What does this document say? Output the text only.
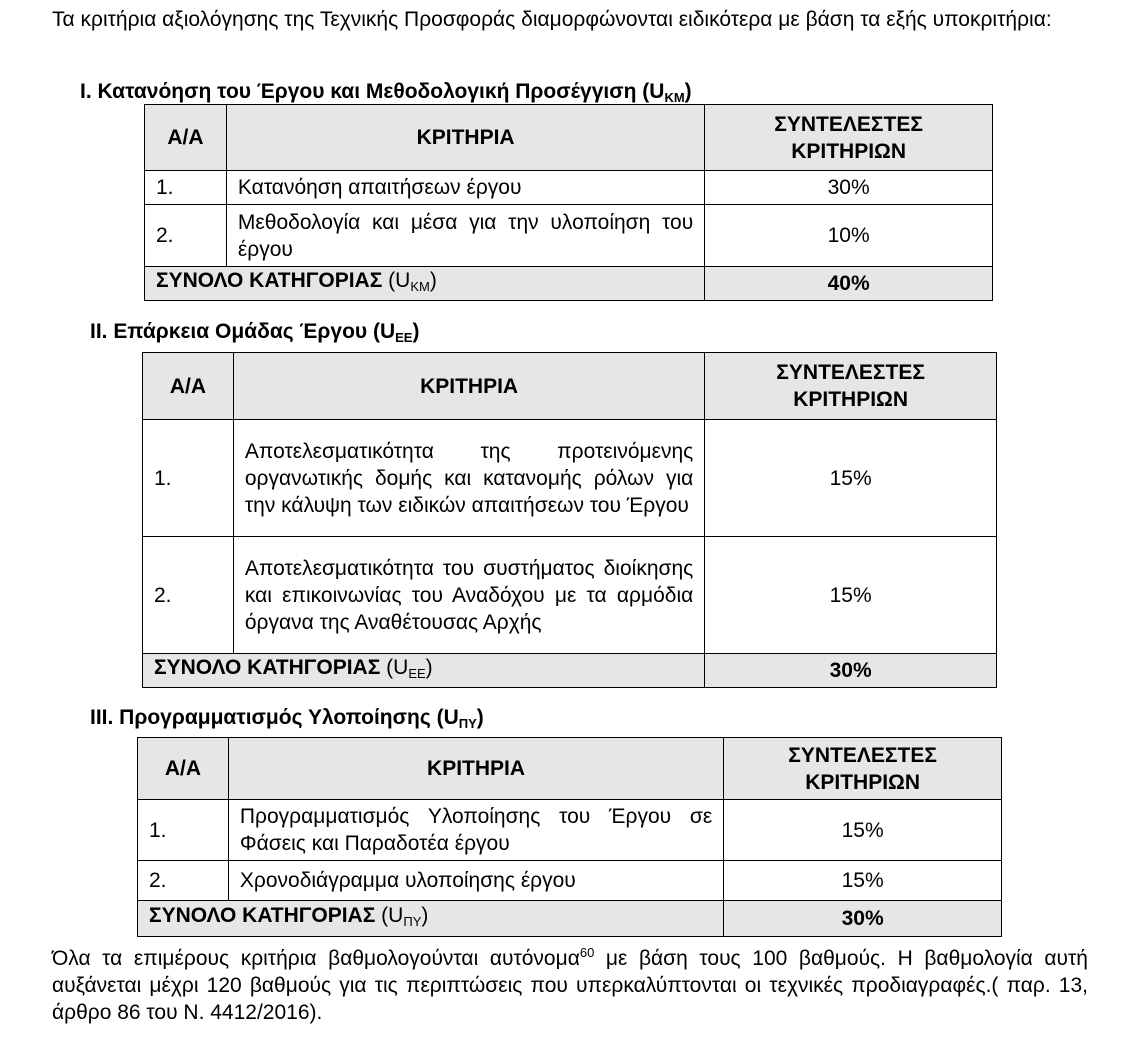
Τα κριτήρια αξιολόγησης της Τεχνικής Προσφοράς διαμορφώνονται ειδικότερα με βάση τα εξής υποκριτήρια:
I. Κατανόηση του Έργου και Μεθοδολογική Προσέγγιση $(U_{KM})$
Α/Α	ΚΡΙΤΗΡΙΑ	ΣΥΝΤΕΛΕΣΤΕΣ
ΚΡΙΤΗΡΙΩΝ
1.	Κατανόηση απαιτήσεων έργου	30%
2.	Μεθοδολογία και μέσα για την υλοποίηση του έργου	10%
ΣΥΝΟΛΟ ΚΑΤΗΓΟΡΙΑΣ $(U_{KM})$		40%
II. Επάρκεια Ομάδας Έργου $(U_{EE})$
Α/Α	ΚΡΙΤΗΡΙΑ	ΣΥΝΤΕΛΕΣΤΕΣ
ΚΡΙΤΗΡΙΩΝ
1.	Αποτελεσματικότητα της προτεινόμενης οργανωτικής δομής και κατανομής ρόλων για την κάλυψη των ειδικών απαιτήσεων του Έργου	15%
2.	Αποτελεσματικότητα του συστήματος διοίκησης και επικοινωνίας του Αναδόχου με τα αρμόδια όργανα της Αναθέτουσας Αρχής	15%
ΣΥΝΟΛΟ ΚΑΤΗΓΟΡΙΑΣ $(U_{EE})$		30%
III. Προγραμματισμός Υλοποίησης $(U_{\Pi\Upsilon})$
Α/Α	ΚΡΙΤΗΡΙΑ	ΣΥΝΤΕΛΕΣΤΕΣ
ΚΡΙΤΗΡΙΩΝ
1.	Προγραμματισμός Υλοποίησης του Έργου σε Φάσεις και Παραδοτέα έργου	15%
2.	Χρονοδιάγραμμα υλοποίησης έργου	15%
ΣΥΝΟΛΟ ΚΑΤΗΓΟΡΙΑΣ $(U_{\Pi\Upsilon})$		30%
Όλα τα επιμέρους κριτήρια βαθμολογούνται αυτόνομα$^{60}$ με βάση τους 100 βαθμούς. Η βαθμολογία αυτή αυξάνεται μέχρι 120 βαθμούς για τις περιπτώσεις που υπερκαλύπτονται οι τεχνικές προδιαγραφές.( παρ. 13, άρθρο 86 του Ν. 4412/2016).
